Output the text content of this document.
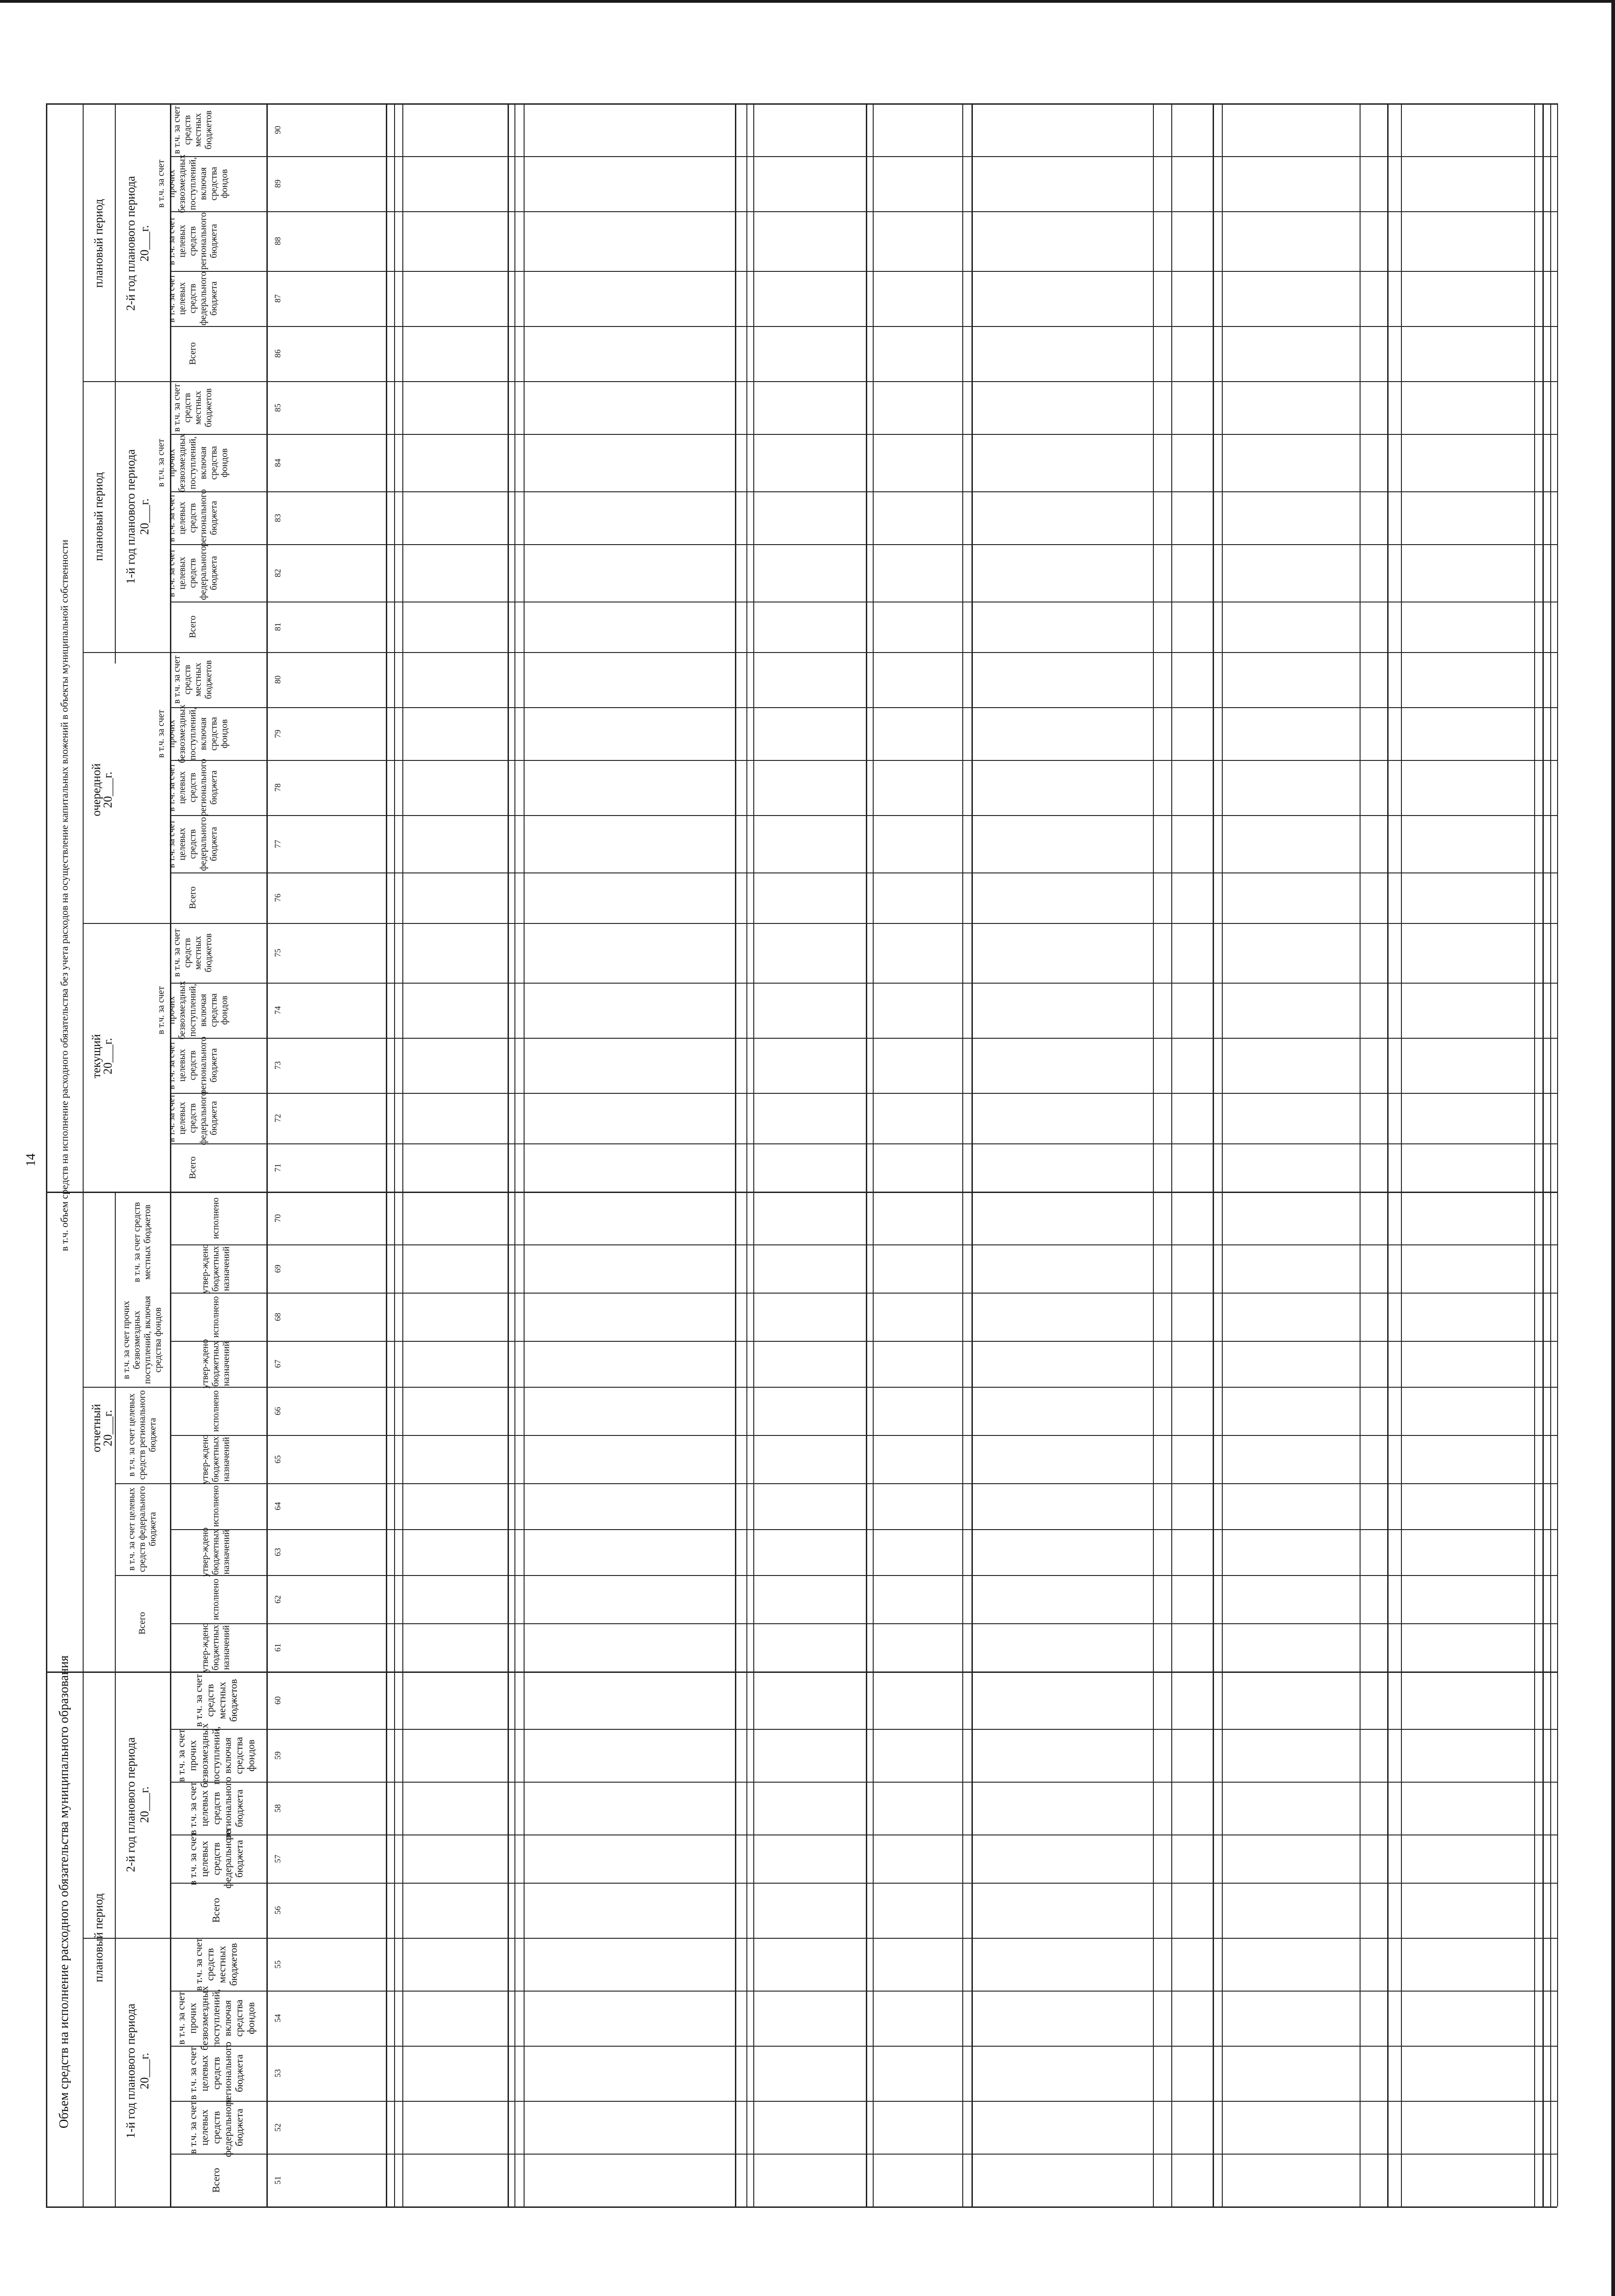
14
Объем средств на исполнение расходного обязательства муниципального образования
в т.ч. объем средств на исполнение расходного обязательства без учета расходов на осуществление капитальных вложений в объекты муниципальной собственности
плановый период
плановый период
плановый период
1-й год планового периода
20___г.
2-й год планового периода
20___г.
отчетный
20___г.
текущий
20___г.
очередной
20___г.
1-й год планового периода
20___г.
2-й год планового периода
20___г.
Всего
в т.ч. за счет
целевых
средств
федерального
бюджета
в т.ч. за счет
целевых
средств
регионального
бюджета
в т.ч. за счет
прочих
безвозмездных
поступлений,
включая
средства
фондов
в т.ч. за счет
средств
местных
бюджетов
Всего
в т.ч. за счет
целевых
средств
федерального
бюджета
в т.ч. за счет
целевых
средств
регионального
бюджета
в т.ч. за счет
прочих
безвозмездных
поступлений,
включая
средства
фондов
в т.ч. за счет
средств
местных
бюджетов
утвер-ждено
бюджетных
назначений
исполнено
утвер-ждено
бюджетных
назначений
исполнено
утвер-ждено
бюджетных
назначений
исполнено
утвер-ждено
бюджетных
назначений
исполнено
утвер-ждено
бюджетных
назначений
исполнено
Всего
в т.ч. за счет целевых
средств федерального
бюджета
в т.ч. за счет целевых
средств регионального
бюджета
в т.ч. за счет прочих
безвозмездных
поступлений, включая
средства фондов
в т.ч. за счет средств
местных бюджетов
Всего
в т.ч. за счет
целевых
средств
федерального
бюджета
в т.ч. за счет
целевых
средств
регионального
бюджета
в т.ч. за счет
прочих
безвозмездных
поступлений,
включая
средства
фондов
в т.ч. за счет
средств
местных
бюджетов
Всего
в т.ч. за счет
целевых
средств
федерального
бюджета
в т.ч. за счет
целевых
средств
регионального
бюджета
в т.ч. за счет
прочих
безвозмездных
поступлений,
включая
средства
фондов
в т.ч. за счет
средств
местных
бюджетов
Всего
в т.ч. за счет
целевых
средств
федерального
бюджета
в т.ч. за счет
целевых
средств
регионального
бюджета
в т.ч. за счет
прочих
безвозмездных
поступлений,
включая
средства
фондов
в т.ч. за счет
средств
местных
бюджетов
Всего
в т.ч. за счет
целевых
средств
федерального
бюджета
в т.ч. за счет
целевых
средств
регионального
бюджета
в т.ч. за счет
прочих
безвозмездных
поступлений,
включая
средства
фондов
в т.ч. за счет
средств
местных
бюджетов
51
52
53
54
55
56
57
58
59
60
61
62
63
64
65
66
67
68
69
70
71
72
73
74
75
76
77
78
79
80
81
82
83
84
85
86
87
88
89
90
